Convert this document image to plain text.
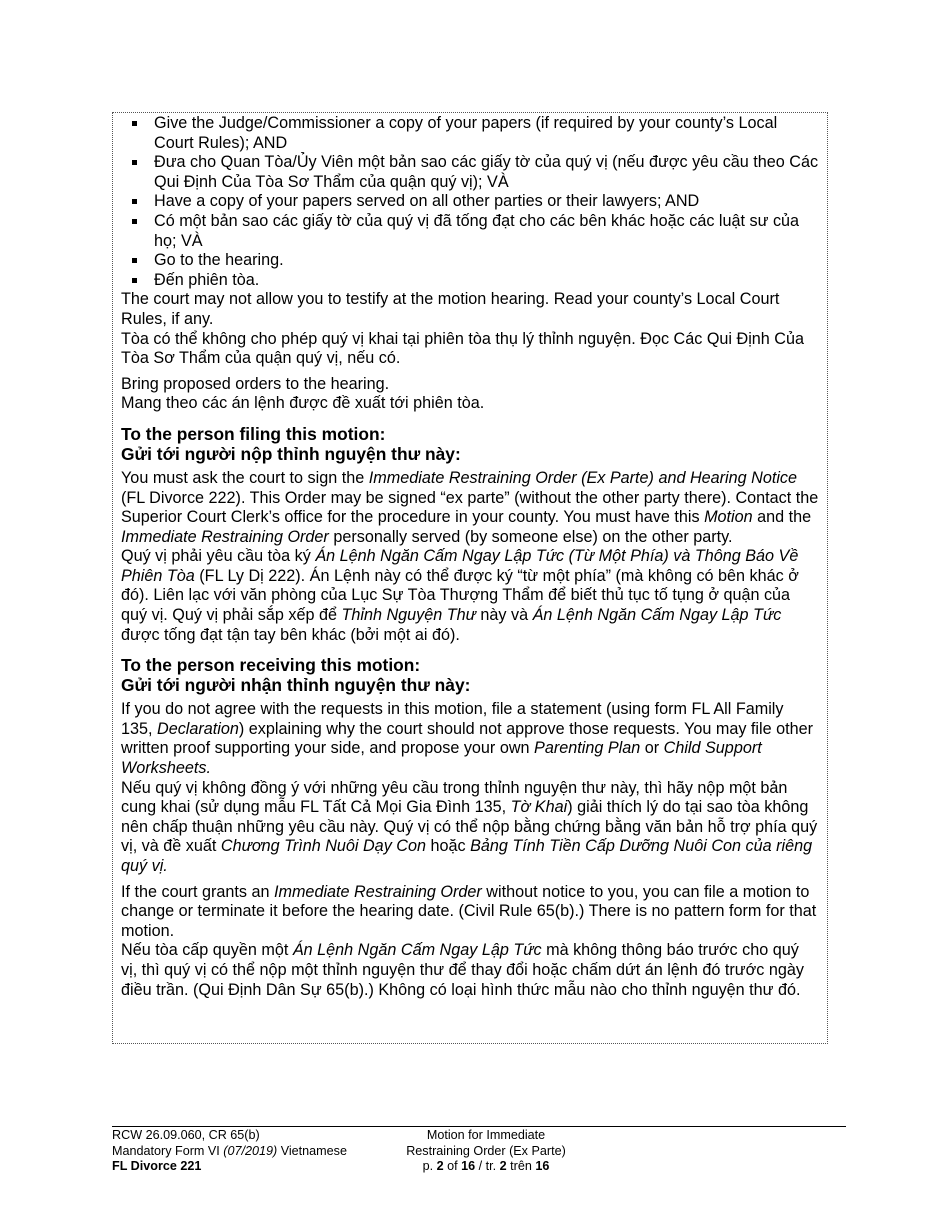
Give the Judge/Commissioner a copy of your papers (if required by your county’s Local Court Rules); AND
Đưa cho Quan Tòa/Ủy Viên một bản sao các giấy tờ của quý vị (nếu được yêu cầu theo Các Qui Định Của Tòa Sơ Thẩm của quận quý vị); VÀ
Have a copy of your papers served on all other parties or their lawyers; AND
Có một bản sao các giấy tờ của quý vị đã tống đạt cho các bên khác hoặc các luật sư của họ; VÀ
Go to the hearing.
Đến phiên tòa.

The court may not allow you to testify at the motion hearing. Read your county’s Local Court Rules, if any.

Tòa có thể không cho phép quý vị khai tại phiên tòa thụ lý thỉnh nguyện. Đọc Các Qui Định Của Tòa Sơ Thẩm của quận quý vị, nếu có.

Bring proposed orders to the hearing.

Mang theo các án lệnh được đề xuất tới phiên tòa.

To the person filing this motion:
Gửi tới người nộp thỉnh nguyện thư này:

You must ask the court to sign the Immediate Restraining Order (Ex Parte) and Hearing Notice (FL Divorce 222). This Order may be signed “ex parte” (without the other party there). Contact the Superior Court Clerk’s office for the procedure in your county. You must have this Motion and the Immediate Restraining Order personally served (by someone else) on the other party.

Quý vị phải yêu cầu tòa ký Án Lệnh Ngăn Cấm Ngay Lập Tức (Từ Một Phía) và Thông Báo Về Phiên Tòa (FL Ly Dị 222). Án Lệnh này có thể được ký “từ một phía” (mà không có bên khác ở đó). Liên lạc với văn phòng của Lục Sự Tòa Thượng Thẩm để biết thủ tục tố tụng ở quận của quý vị. Quý vị phải sắp xếp để Thỉnh Nguyện Thư này và Án Lệnh Ngăn Cấm Ngay Lập Tức được tống đạt tận tay bên khác (bởi một ai đó).

To the person receiving this motion:
Gửi tới người nhận thỉnh nguyện thư này:

If you do not agree with the requests in this motion, file a statement (using form FL All Family 135, Declaration) explaining why the court should not approve those requests. You may file other written proof supporting your side, and propose your own Parenting Plan or Child Support Worksheets.

Nếu quý vị không đồng ý với những yêu cầu trong thỉnh nguyện thư này, thì hãy nộp một bản cung khai (sử dụng mẫu FL Tất Cả Mọi Gia Đình 135, Tờ Khai) giải thích lý do tại sao tòa không nên chấp thuận những yêu cầu này. Quý vị có thể nộp bằng chứng bằng văn bản hỗ trợ phía quý vị, và đề xuất Chương Trình Nuôi Dạy Con hoặc Bảng Tính Tiền Cấp Dưỡng Nuôi Con của riêng quý vị.

If the court grants an Immediate Restraining Order without notice to you, you can file a motion to change or terminate it before the hearing date. (Civil Rule 65(b).) There is no pattern form for that motion.

Nếu tòa cấp quyền một Án Lệnh Ngăn Cấm Ngay Lập Tức mà không thông báo trước cho quý vị, thì quý vị có thể nộp một thỉnh nguyện thư để thay đổi hoặc chấm dứt án lệnh đó trước ngày điều trần. (Qui Định Dân Sự 65(b).) Không có loại hình thức mẫu nào cho thỉnh nguyện thư đó.

RCW 26.09.060, CR 65(b)
Mandatory Form VI (07/2019) Vietnamese
FL Divorce 221
Motion for Immediate
Restraining Order (Ex Parte)
p. 2 of 16 / tr. 2 trên 16
